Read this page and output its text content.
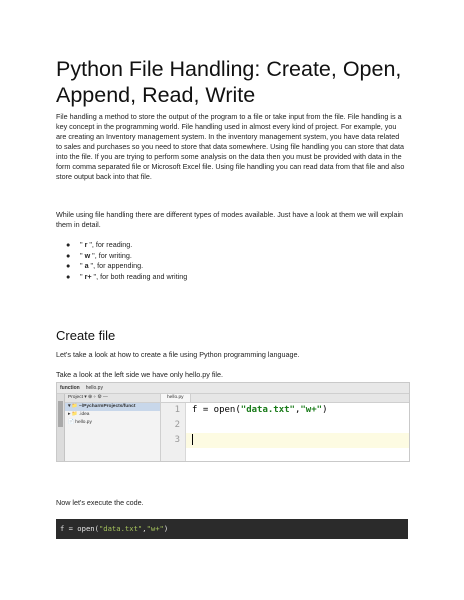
Python File Handling: Create, Open, Append, Read, Write

File handling a method to store the output of the program to a file or take input from the file. File handling is a key concept in the programming world. File handling used in almost every kind of project. For example, you are creating an Inventory management system. In the inventory management system, you have data related to sales and purchases so you need to store that data somewhere. Using file handling you can store that data into the file. If you are trying to perform some analysis on the data then you must be provided with data in the form comma separated file or Microsoft Excel file. Using file handling you can read data from that file and also store output back into that file.

While using file handling there are different types of modes available. Just have a look at them we will explain them in detail.

● " r ", for reading.
● " w ", for writing.
● " a ", for appending.
● " r+ ", for both reading and writing
Create file

Let's take a look at how to create a file using Python programming language.

Take a look at the left side we have only hello.py file.

function hello.py
Project ▾ ⊕ ÷ ⚙ —
▾ 📁 ~/PycharmProjects/funct
▸ 📁 .idea
📄 hello.py
hello.py
1
2
3
f = open("data.txt","w+")

Now let's execute the code.

f = open("data.txt","w+")
